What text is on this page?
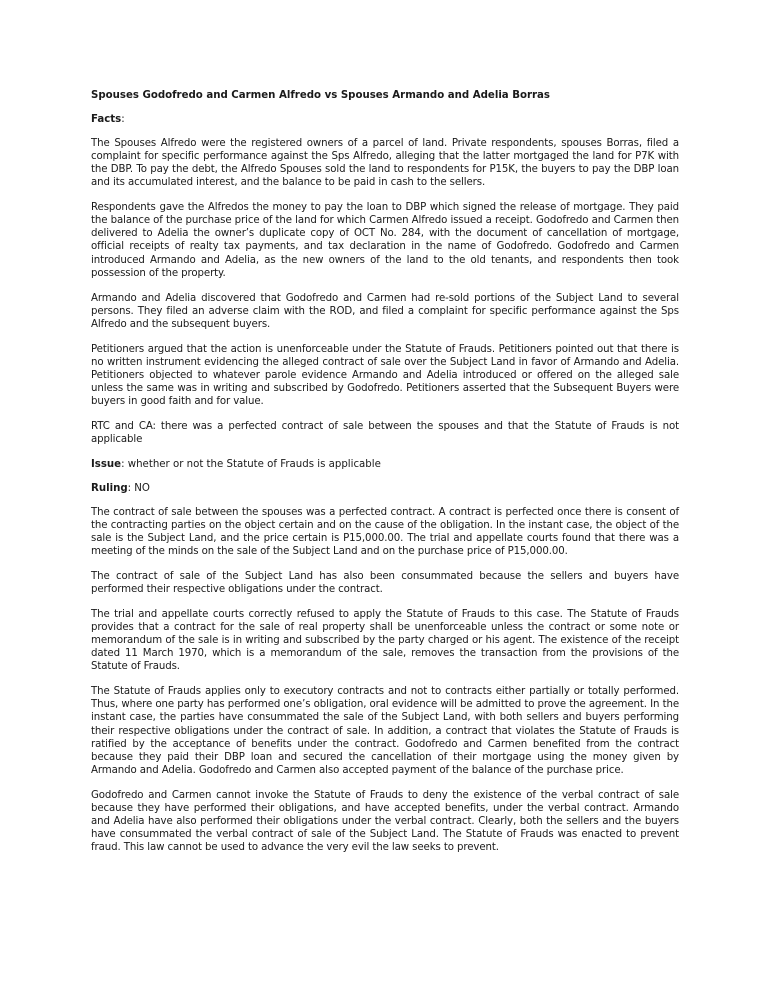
Spouses Godofredo and Carmen Alfredo vs Spouses Armando and Adelia Borras
Facts:

The Spouses Alfredo were the registered owners of a parcel of land. Private respondents, spouses Borras, filed a complaint for specific performance against the Sps Alfredo, alleging that the latter mortgaged the land for P7K with the DBP. To pay the debt, the Alfredo Spouses sold the land to respondents for P15K, the buyers to pay the DBP loan and its accumulated interest, and the balance to be paid in cash to the sellers.

Respondents gave the Alfredos the money to pay the loan to DBP which signed the release of mortgage. They paid the balance of the purchase price of the land for which Carmen Alfredo issued a receipt. Godofredo and Carmen then delivered to Adelia the owner’s duplicate copy of OCT No. 284, with the document of cancellation of mortgage, official receipts of realty tax payments, and tax declaration in the name of Godofredo. Godofredo and Carmen introduced Armando and Adelia, as the new owners of the land to the old tenants, and respondents then took possession of the property.

Armando and Adelia discovered that Godofredo and Carmen had re-sold portions of the Subject Land to several persons. They filed an adverse claim with the ROD, and filed a complaint for specific performance against the Sps Alfredo and the subsequent buyers.

Petitioners argued that the action is unenforceable under the Statute of Frauds. Petitioners pointed out that there is no written instrument evidencing the alleged contract of sale over the Subject Land in favor of Armando and Adelia. Petitioners objected to whatever parole evidence Armando and Adelia introduced or offered on the alleged sale unless the same was in writing and subscribed by Godofredo. Petitioners asserted that the Subsequent Buyers were buyers in good faith and for value.

RTC and CA: there was a perfected contract of sale between the spouses and that the Statute of Frauds is not applicable

Issue: whether or not the Statute of Frauds is applicable
Ruling: NO

The contract of sale between the spouses was a perfected contract. A contract is perfected once there is consent of the contracting parties on the object certain and on the cause of the obligation. In the instant case, the object of the sale is the Subject Land, and the price certain is P15,000.00. The trial and appellate courts found that there was a meeting of the minds on the sale of the Subject Land and on the purchase price of P15,000.00.

The contract of sale of the Subject Land has also been consummated because the sellers and buyers have performed their respective obligations under the contract.

The trial and appellate courts correctly refused to apply the Statute of Frauds to this case. The Statute of Frauds provides that a contract for the sale of real property shall be unenforceable unless the contract or some note or memorandum of the sale is in writing and subscribed by the party charged or his agent. The existence of the receipt dated 11 March 1970, which is a memorandum of the sale, removes the transaction from the provisions of the Statute of Frauds.

The Statute of Frauds applies only to executory contracts and not to contracts either partially or totally performed. Thus, where one party has performed one’s obligation, oral evidence will be admitted to prove the agreement. In the instant case, the parties have consummated the sale of the Subject Land, with both sellers and buyers performing their respective obligations under the contract of sale. In addition, a contract that violates the Statute of Frauds is ratified by the acceptance of benefits under the contract. Godofredo and Carmen benefited from the contract because they paid their DBP loan and secured the cancellation of their mortgage using the money given by Armando and Adelia. Godofredo and Carmen also accepted payment of the balance of the purchase price.

Godofredo and Carmen cannot invoke the Statute of Frauds to deny the existence of the verbal contract of sale because they have performed their obligations, and have accepted benefits, under the verbal contract. Armando and Adelia have also performed their obligations under the verbal contract. Clearly, both the sellers and the buyers have consummated the verbal contract of sale of the Subject Land. The Statute of Frauds was enacted to prevent fraud. This law cannot be used to advance the very evil the law seeks to prevent.
